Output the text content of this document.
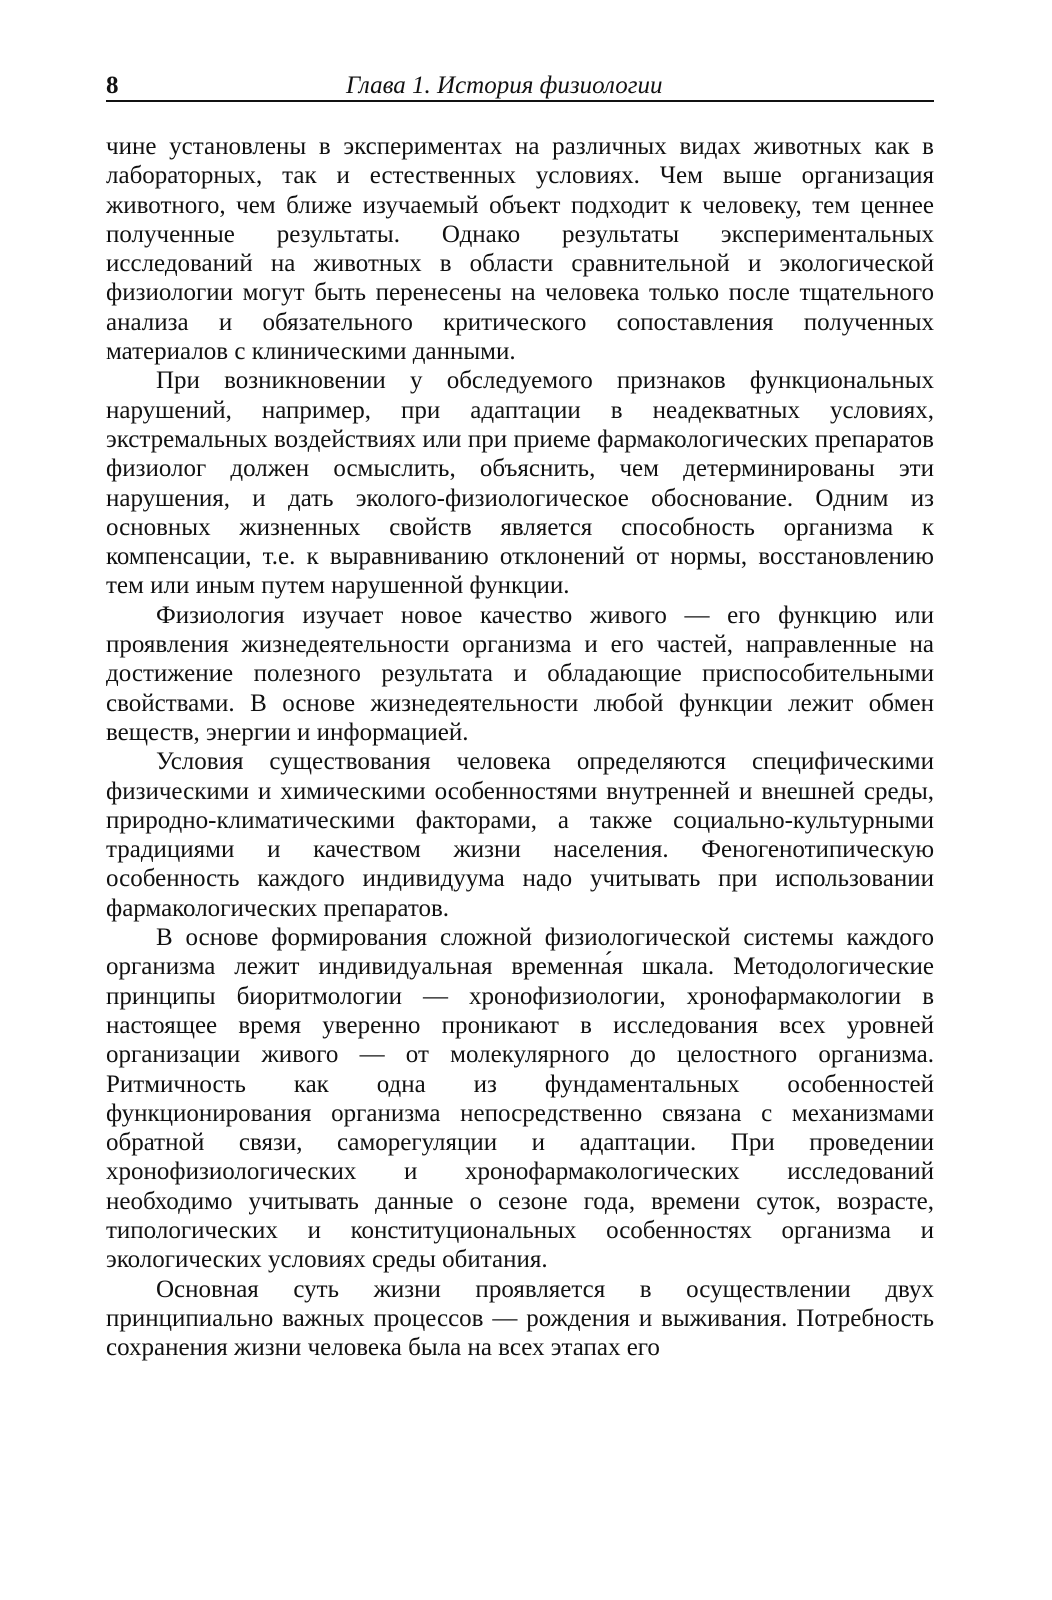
8	Глава 1. История физиологии

чине установлены в экспериментах на различных видах животных как в лабораторных, так и естественных условиях. Чем выше организация животного, чем ближе изучаемый объект подходит к человеку, тем ценнее полученные результаты. Однако результаты экспериментальных исследований на животных в области сравнительной и экологической физиологии могут быть перенесены на человека только после тщательного анализа и обязательного критического сопоставления полученных материалов с клиническими данными.

При возникновении у обследуемого признаков функциональных нарушений, например, при адаптации в неадекватных условиях, экстремальных воздействиях или при приеме фармакологических препаратов физиолог должен осмыслить, объяснить, чем детерминированы эти нарушения, и дать эколого-физиологическое обоснование. Одним из основных жизненных свойств является способность организма к компенсации, т.е. к выравниванию отклонений от нормы, восстановлению тем или иным путем нарушенной функции.

Физиология изучает новое качество живого — его функцию или проявления жизнедеятельности организма и его частей, направленные на достижение полезного результата и обладающие приспособительными свойствами. В основе жизнедеятельности любой функции лежит обмен веществ, энергии и информацией.

Условия существования человека определяются специфическими физическими и химическими особенностями внутренней и внешней среды, природно-климатическими факторами, а также социально-культурными традициями и качеством жизни населения. Феногенотипическую особенность каждого индивидуума надо учитывать при использовании фармакологических препаратов.

В основе формирования сложной физиологической системы каждого организма лежит индивидуальная временна́я шкала. Методологические принципы биоритмологии — хронофизиологии, хронофармакологии в настоящее время уверенно проникают в исследования всех уровней организации живого — от молекулярного до целостного организма. Ритмичность как одна из фундаментальных особенностей функционирования организма непосредственно связана с механизмами обратной связи, саморегуляции и адаптации. При проведении хронофизиологических и хронофармакологических исследований необходимо учитывать данные о сезоне года, времени суток, возрасте, типологических и конституциональных особенностях организма и экологических условиях среды обитания.

Основная суть жизни проявляется в осуществлении двух принципиально важных процессов — рождения и выживания. Потребность сохранения жизни человека была на всех этапах его
